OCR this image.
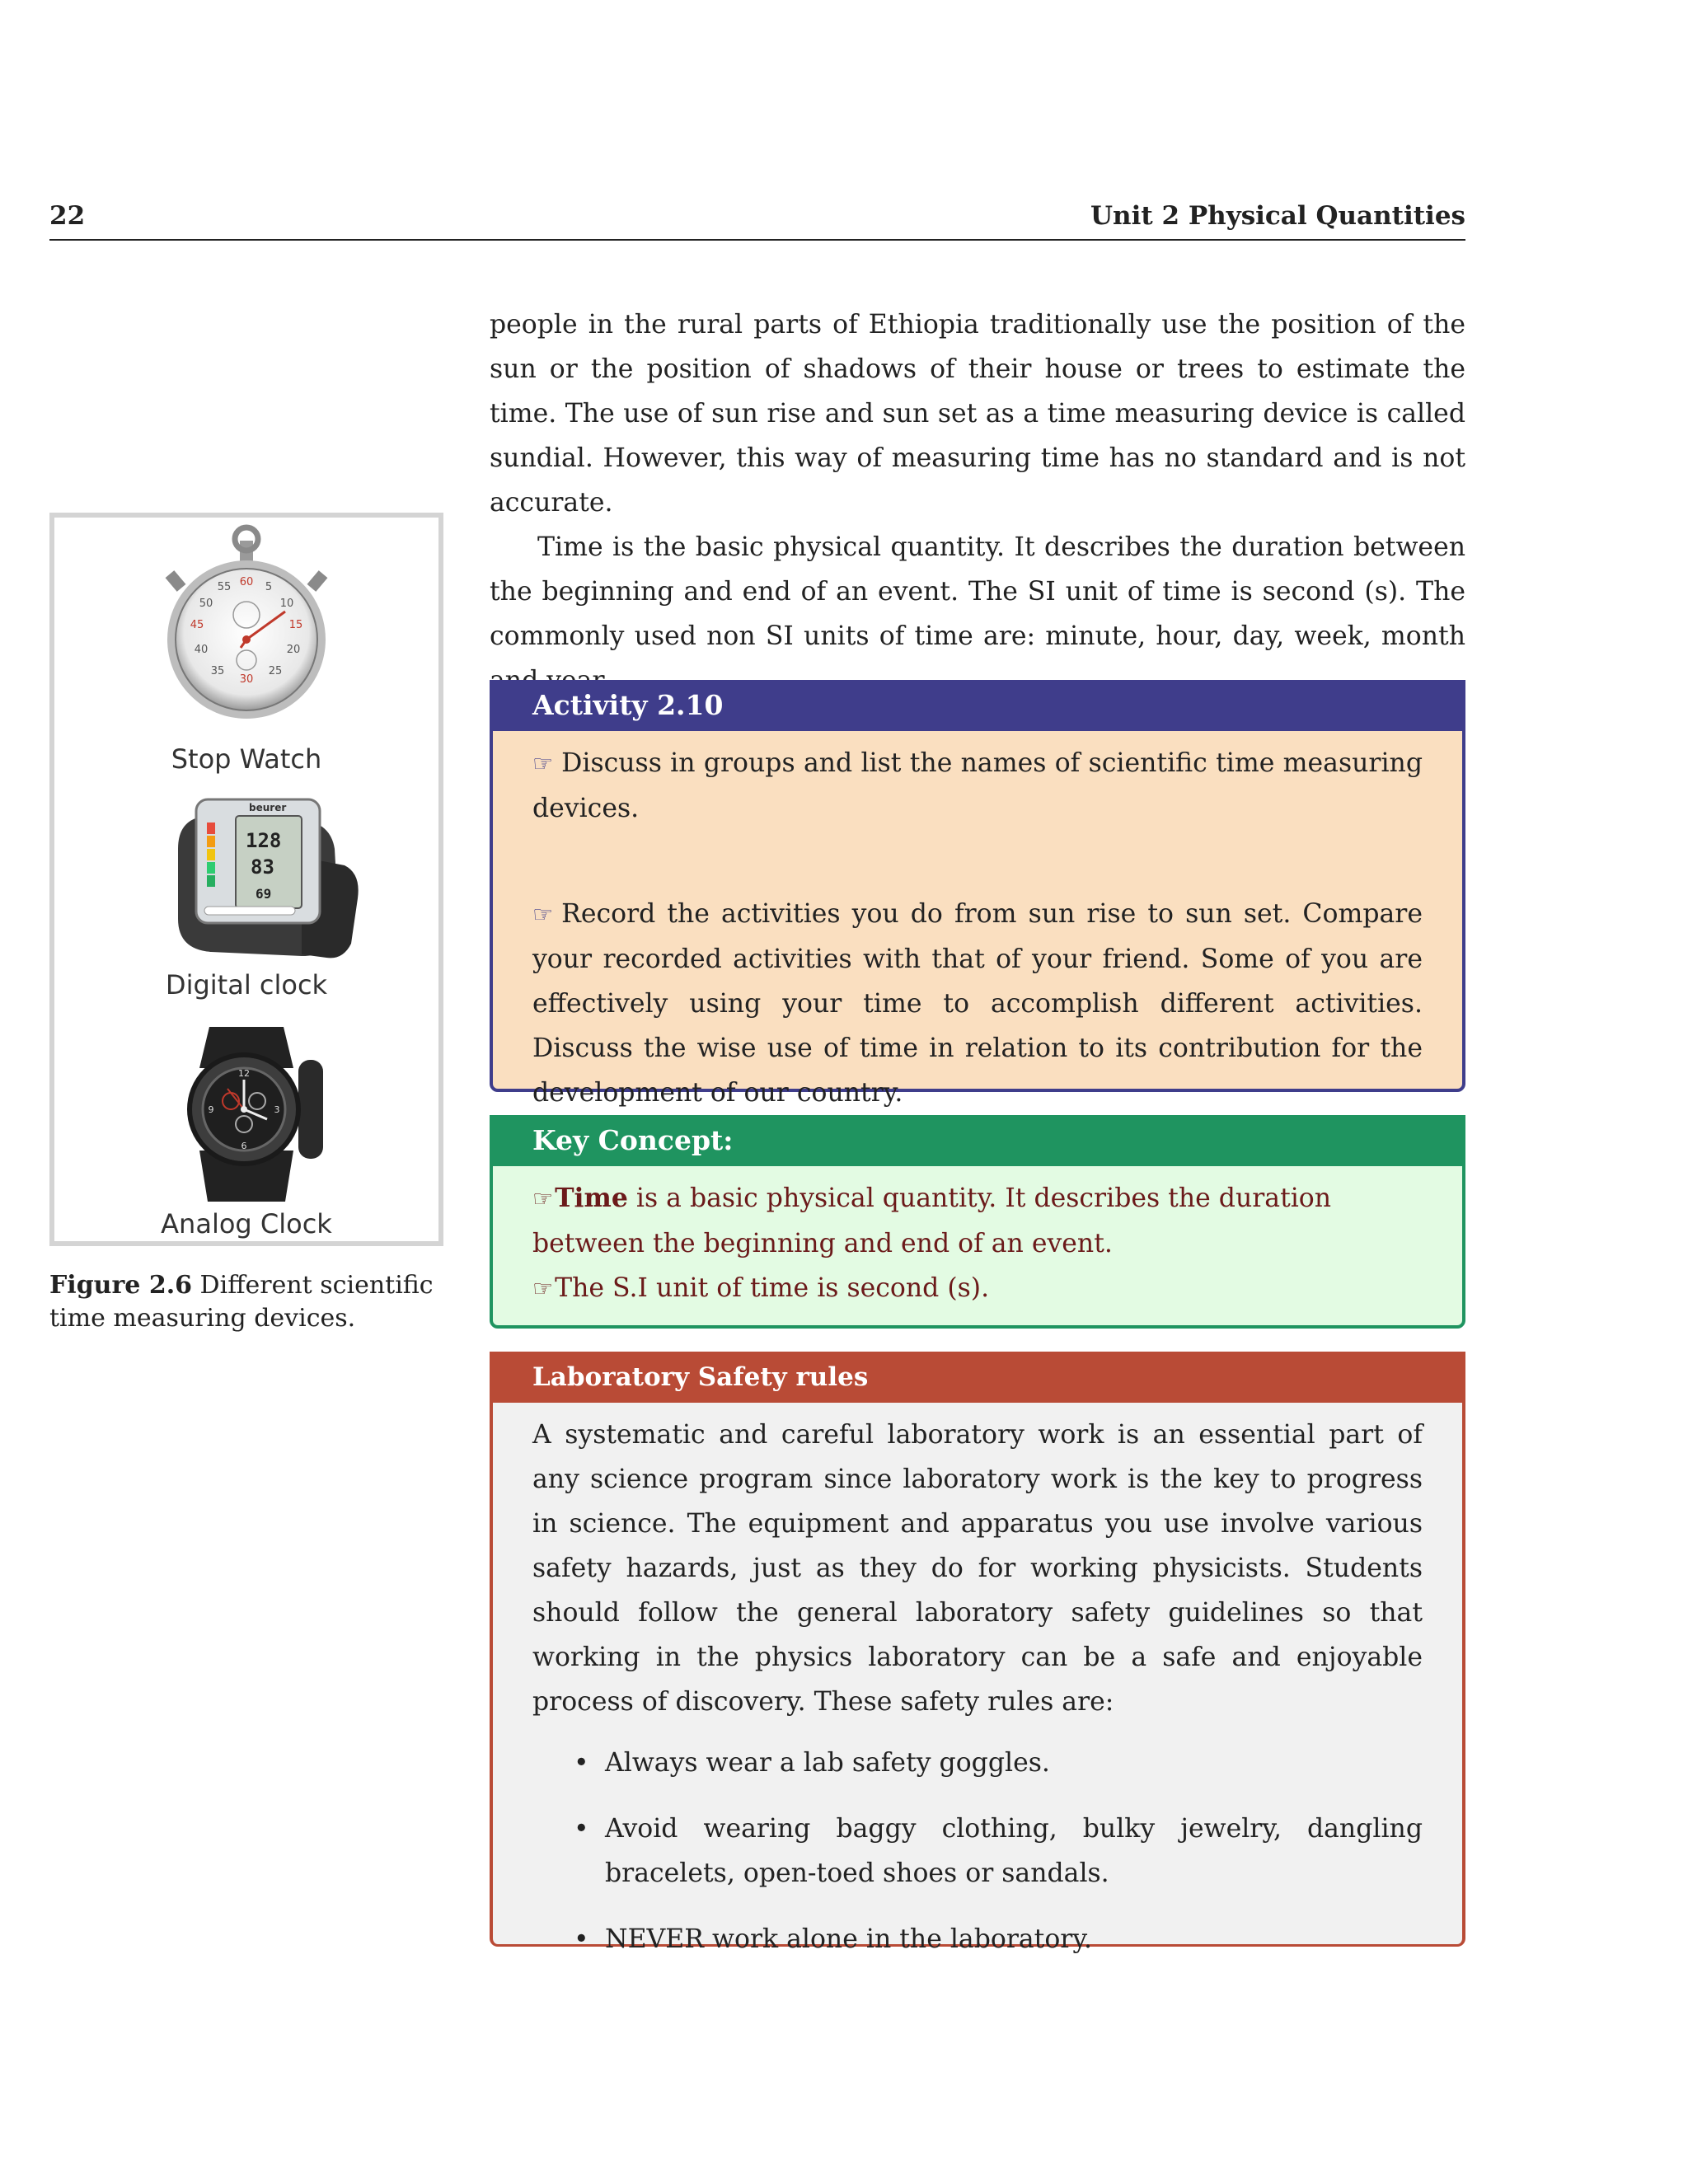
22	Unit 2 Physical Quantities

people in the rural parts of Ethiopia traditionally use the position of the sun or the position of shadows of their house or trees to estimate the time. The use of sun rise and sun set as a time measuring device is called sundial. However, this way of measuring time has no standard and is not accurate.

Time is the basic physical quantity. It describes the duration between the beginning and end of an event. The SI unit of time is second (s). The commonly used non SI units of time are: minute, hour, day, week, month

60
55	5
50	10
45	15
40	20
35	25
30
Stop Watch
beurer
128
83
69
Digital clock
12
3
6
9
Analog Clock

Figure 2.6 Different scientific time measuring devices.

Activity 2.10

☞ Discuss in groups and list the names of scientific time measuring devices.

☞ Record the activities you do from sun rise to sun set. Compare your recorded activities with that of your friend. Some of you are effectively using your time to accomplish different activities. Discuss the wise use of time in relation to its contribution for the development of our country.

Key Concept:

☞Time is a basic physical quantity. It describes the duration between the beginning and end of an event.

☞The S.I unit of time is second (s).

Laboratory Safety rules

A systematic and careful laboratory work is an essential part of any science program since laboratory work is the key to progress in science. The equipment and apparatus you use involve various safety hazards, just as they do for working physicists. Students should follow the general laboratory safety guidelines so that working in the physics laboratory can be a safe and enjoyable process of discovery. These safety rules are:

• Always wear a lab safety goggles.
• Avoid wearing baggy clothing, bulky jewelry, dangling bracelets, open-toed shoes or sandals.
• NEVER work alone in the laboratory.
